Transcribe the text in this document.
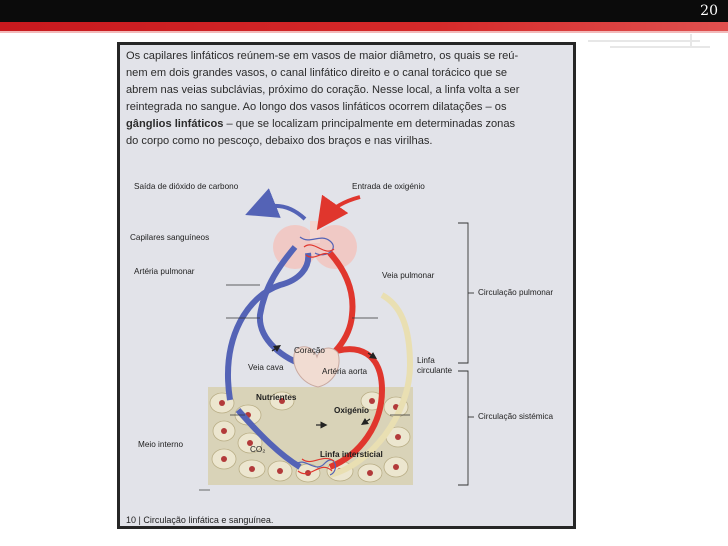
20
Os capilares linfáticos reúnem-se em vasos de maior diâmetro, os quais se reú-
nem em dois grandes vasos, o canal linfático direito e o canal torácico que se
abrem nas veias subclávias, próximo do coração. Nesse local, a linfa volta a ser
reintegrada no sangue. Ao longo dos vasos linfáticos ocorrem dilatações – os
gânglios linfáticos – que se localizam principalmente em determinadas zonas
do corpo como no pescoço, debaixo dos braços e nas virilhas.
Saída de dióxido de carbono	Entrada de oxigénio
Capilares sanguíneos
Artéria pulmonar	Veia pulmonar
Coração
Veia cava	Artéria aorta
Linfa
circulante
Nutrientes
Oxigénio
CO₂
Linfa intersticial
Meio interno
Circulação pulmonar
Circulação sistémica
10 | Circulação linfática e sanguínea.
